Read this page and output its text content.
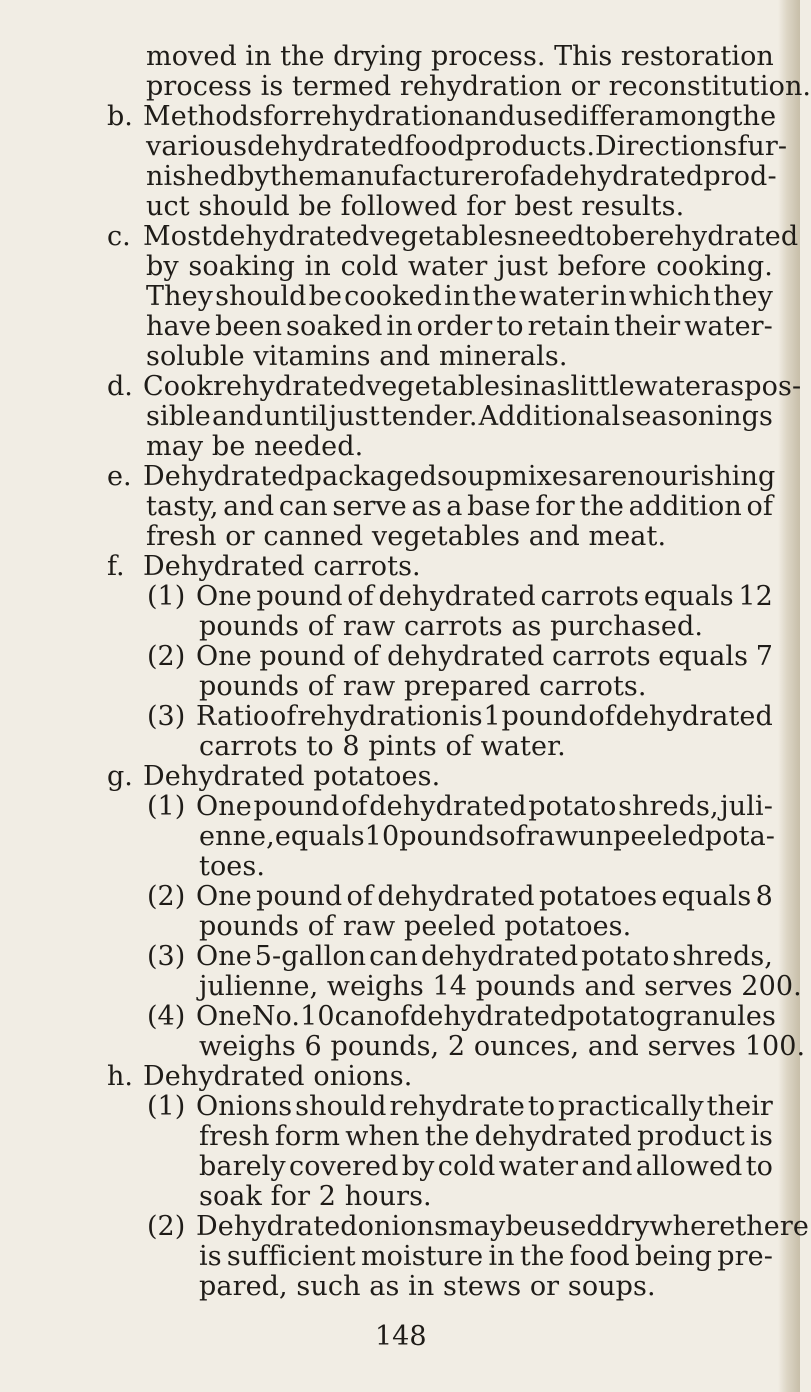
moved in the drying process. This restoration
process is termed rehydration or reconstitution.
b. Methods for rehydration and use differ among the
various dehydrated food products. Directions fur-
nished by the manufacturer of a dehydrated prod-
uct should be followed for best results.
c. Most dehydrated vegetables need to be rehydrated
by soaking in cold water just before cooking.
They should be cooked in the water in which they
have been soaked in order to retain their water-
soluble vitamins and minerals.
d. Cook rehydrated vegetables in as little water as pos-
sible and until just tender. Additional seasonings
may be needed.
e. Dehydrated packaged soup mixes are nourishing
tasty, and can serve as a base for the addition of
fresh or canned vegetables and meat.
f. Dehydrated carrots.
(1) One pound of dehydrated carrots equals 12
pounds of raw carrots as purchased.
(2) One pound of dehydrated carrots equals 7
pounds of raw prepared carrots.
(3) Ratio of rehydration is 1 pound of dehydrated
carrots to 8 pints of water.
g. Dehydrated potatoes.
(1) One pound of dehydrated potato shreds, juli-
enne, equals 10 pounds of raw unpeeled pota-
toes.
(2) One pound of dehydrated potatoes equals 8
pounds of raw peeled potatoes.
(3) One 5-gallon can dehydrated potato shreds,
julienne, weighs 14 pounds and serves 200.
(4) One No. 10 can of dehydrated potato granules
weighs 6 pounds, 2 ounces, and serves 100.
h. Dehydrated onions.
(1) Onions should rehydrate to practically their
fresh form when the dehydrated product is
barely covered by cold water and allowed to
soak for 2 hours.
(2) Dehydrated onions may be used dry where there
is sufficient moisture in the food being pre-
pared, such as in stews or soups.
148
